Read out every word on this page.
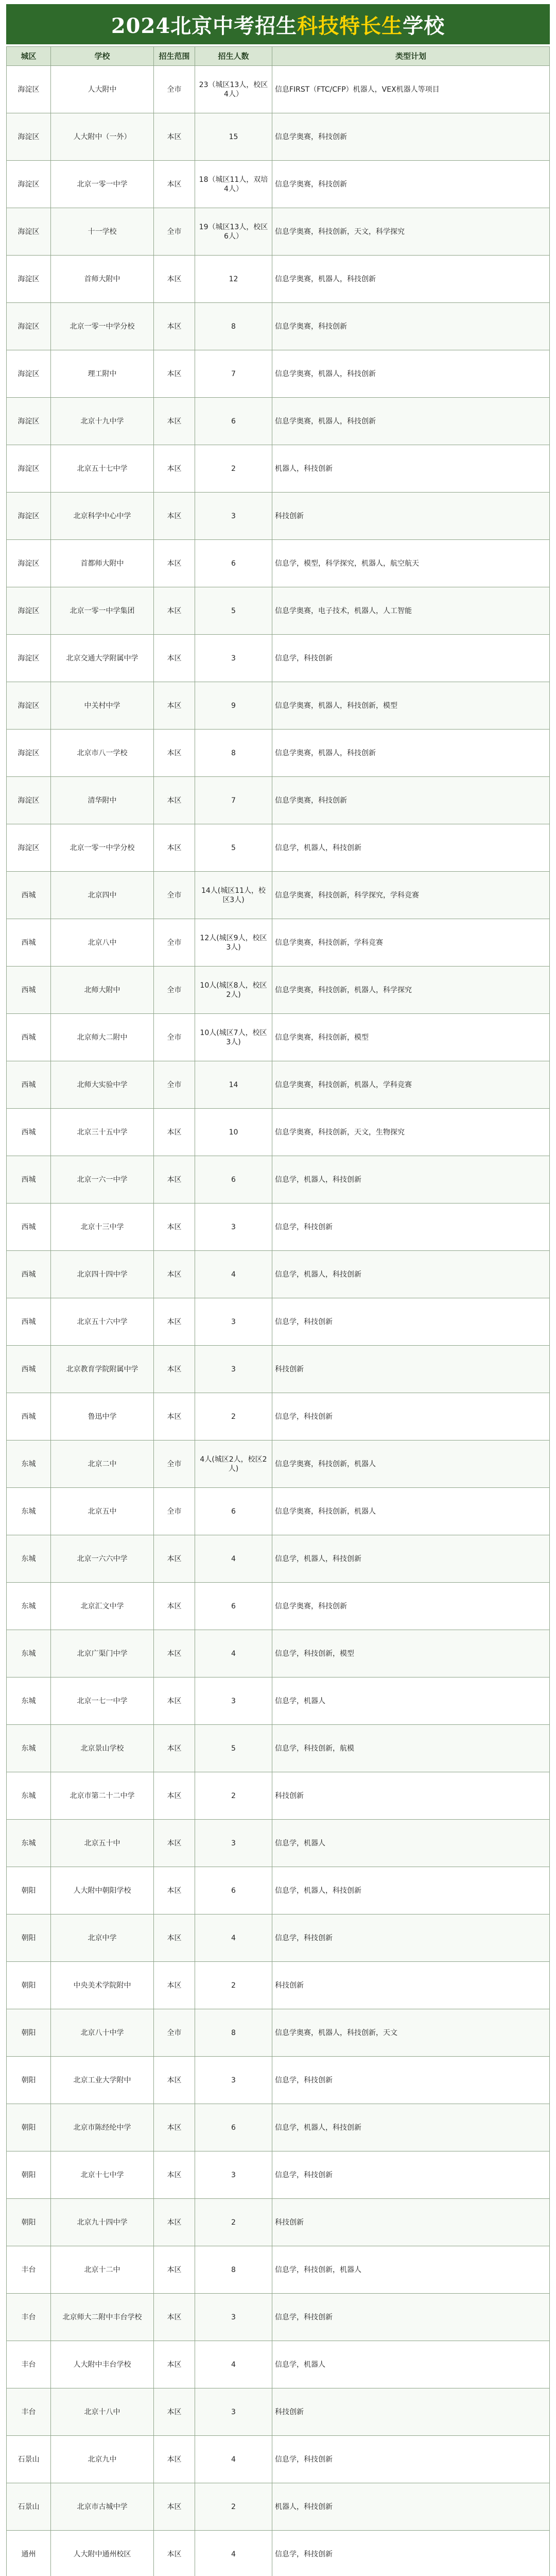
2024北京中考招生 科技特长生 学校
城区	学校	招生范围	招生人数	类型计划
海淀区	人大附中	全市	23（城区13人，校区4人）	信息FIRST（FTC/CFP）机器人，VEX机器人等项目
海淀区	人大附中（一外）	本区	15	信息学奥赛，科技创新
海淀区	北京一零一中学	本区	18（城区11人，双培4人）	信息学奥赛，科技创新
海淀区	十一学校	全市	19（城区13人，校区6人）	信息学奥赛，科技创新，天文，科学探究
海淀区	首师大附中	本区	12	信息学奥赛，机器人，科技创新
海淀区	北京一零一中学分校	本区	8	信息学奥赛，科技创新
海淀区	理工附中	本区	7	信息学奥赛，机器人，科技创新
海淀区	北京十九中学	本区	6	信息学奥赛，机器人，科技创新
海淀区	北京五十七中学	本区	2	机器人，科技创新
海淀区	北京科学中心中学	本区	3	科技创新
海淀区	首都师大附中	本区	6	信息学，模型，科学探究，机器人，航空航天
海淀区	北京一零一中学集团	本区	5	信息学奥赛，电子技术，机器人，人工智能
海淀区	北京交通大学附属中学	本区	3	信息学，科技创新
海淀区	中关村中学	本区	9	信息学奥赛，机器人，科技创新，模型
海淀区	北京市八一学校	本区	8	信息学奥赛，机器人，科技创新
海淀区	清华附中	本区	7	信息学奥赛，科技创新
海淀区	北京一零一中学分校	本区	5	信息学，机器人，科技创新
西城	北京四中	全市	14人(城区11人，校区3人)	信息学奥赛，科技创新，科学探究，学科竞赛
西城	北京八中	全市	12人(城区9人，校区3人)	信息学奥赛，科技创新，学科竞赛
西城	北师大附中	全市	10人(城区8人，校区2人)	信息学奥赛，科技创新，机器人，科学探究
西城	北京师大二附中	全市	10人(城区7人，校区3人)	信息学奥赛，科技创新，模型
西城	北师大实验中学	全市	14	信息学奥赛，科技创新，机器人，学科竞赛
西城	北京三十五中学	本区	10	信息学奥赛，科技创新，天文，生物探究
西城	北京一六一中学	本区	6	信息学，机器人，科技创新
西城	北京十三中学	本区	3	信息学，科技创新
西城	北京四十四中学	本区	4	信息学，机器人，科技创新
西城	北京五十六中学	本区	3	信息学，科技创新
西城	北京教育学院附属中学	本区	3	科技创新
西城	鲁迅中学	本区	2	信息学，科技创新
东城	北京二中	全市	4人(城区2人，校区2人)	信息学奥赛，科技创新，机器人
东城	北京五中	全市	6	信息学奥赛，科技创新，机器人
东城	北京一六六中学	本区	4	信息学，机器人，科技创新
东城	北京汇文中学	本区	6	信息学奥赛，科技创新
东城	北京广渠门中学	本区	4	信息学，科技创新，模型
东城	北京一七一中学	本区	3	信息学，机器人
东城	北京景山学校	本区	5	信息学，科技创新，航模
东城	北京市第二十二中学	本区	2	科技创新
东城	北京五十中	本区	3	信息学，机器人
朝阳	人大附中朝阳学校	本区	6	信息学，机器人，科技创新
朝阳	北京中学	本区	4	信息学，科技创新
朝阳	中央美术学院附中	本区	2	科技创新
朝阳	北京八十中学	全市	8	信息学奥赛，机器人，科技创新，天文
朝阳	北京工业大学附中	本区	3	信息学，科技创新
朝阳	北京市陈经纶中学	本区	6	信息学，机器人，科技创新
朝阳	北京十七中学	本区	3	信息学，科技创新
朝阳	北京九十四中学	本区	2	科技创新
丰台	北京十二中	本区	8	信息学，科技创新，机器人
丰台	北京师大二附中丰台学校	本区	3	信息学，科技创新
丰台	人大附中丰台学校	本区	4	信息学，机器人
丰台	北京十八中	本区	3	科技创新
石景山	北京九中	本区	4	信息学，科技创新
石景山	北京市古城中学	本区	2	机器人，科技创新
通州	人大附中通州校区	本区	4	信息学，科技创新
